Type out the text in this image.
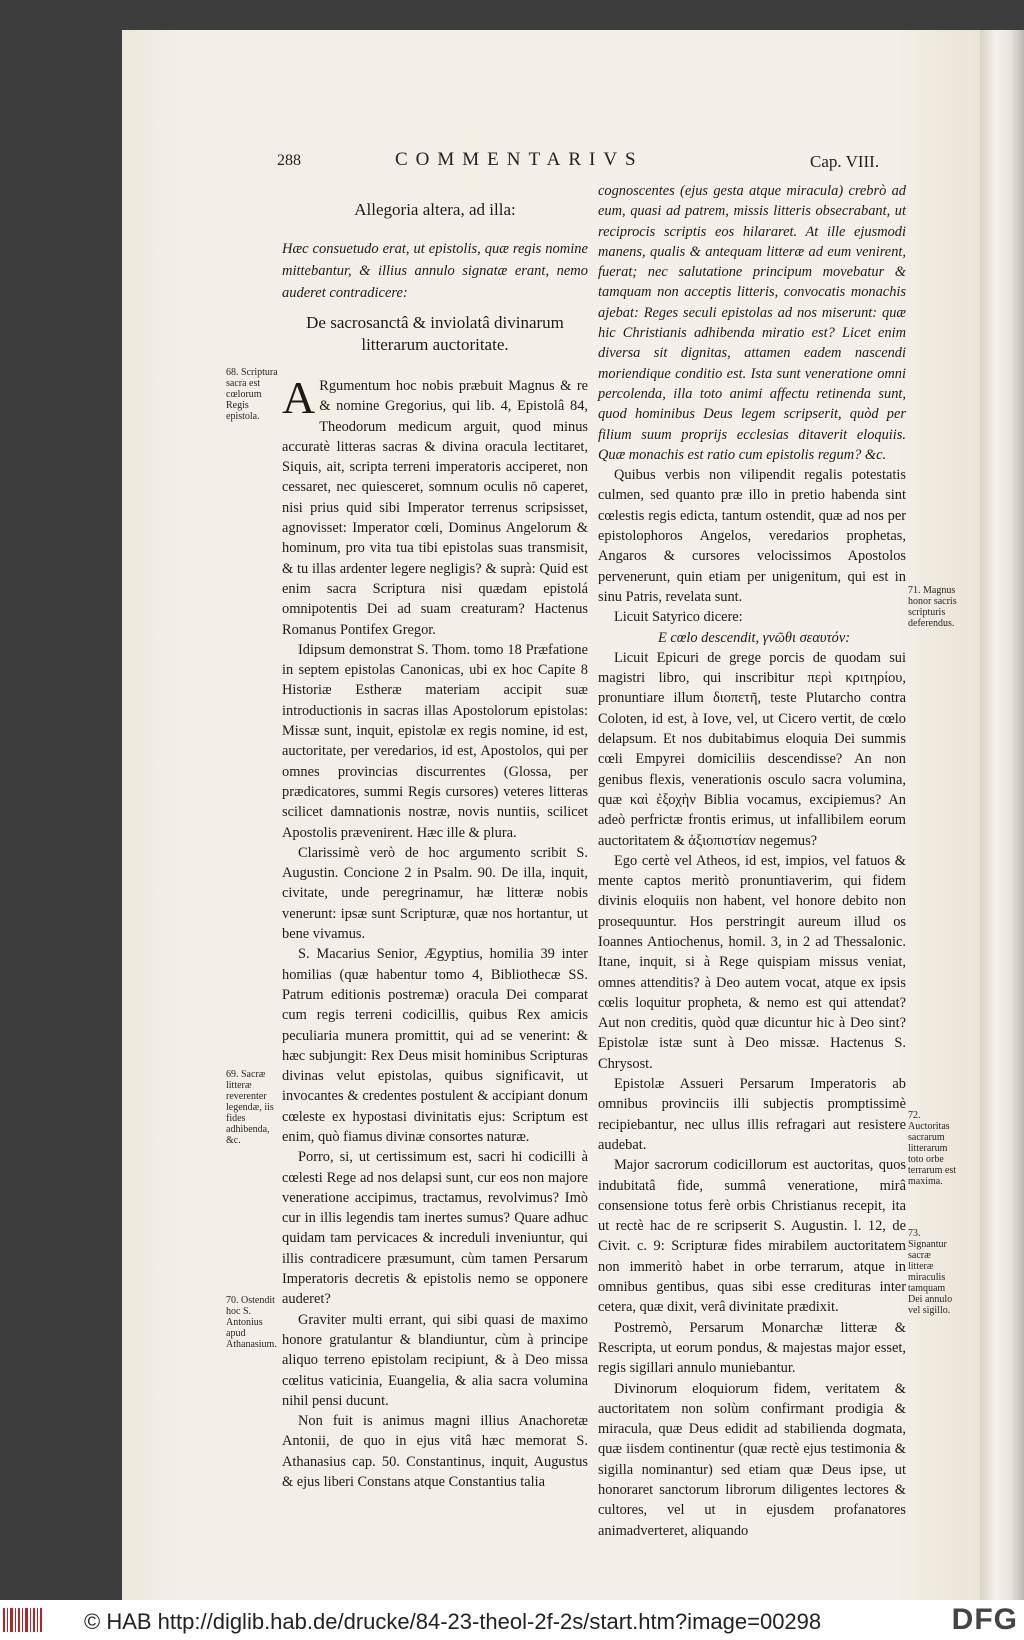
288	COMMENTARIVS	Cap. VIII.
Allegoria altera, ad illa:
Hæc consuetudo erat, ut epistolis, quæ regis nomine mittebantur, & illius annulo signatæ erant, nemo auderet contradicere:
De sacrosanctâ & inviolatâ divinarum litterarum auctoritate.

A Rgumentum hoc nobis præbuit Magnus & re & nomine Gregorius, qui lib. 4, Epistolâ 84, Theodorum medicum arguit, quod minus accuratè litteras sacras & divina oracula lectitaret, Siquis, ait, scripta terreni imperatoris acciperet, non cessaret, nec quiesceret, somnum oculis nō caperet, nisi prius quid sibi Imperator terrenus scripsisset, agnovisset: Imperator cœli, Dominus Angelorum & hominum, pro vita tua tibi epistolas suas transmisit, & tu illas ardenter legere negligis? & suprà: Quid est enim sacra Scriptura nisi quædam epistolá omnipotentis Dei ad suam creaturam? Hactenus Romanus Pontifex Gregor.

Idipsum demonstrat S. Thom. tomo 18 Præfatione in septem epistolas Canonicas, ubi ex hoc Capite 8 Historiæ Estheræ materiam accipit suæ introductionis in sacras illas Apostolorum epistolas: Missæ sunt, inquit, epistolæ ex regis nomine, id est, auctoritate, per veredarios, id est, Apostolos, qui per omnes provincias discurrentes (Glossa, per prædicatores, summi Regis cursores) veteres litteras scilicet damnationis nostræ, novis nuntiis, scilicet Apostolis prævenirent. Hæc ille & plura.

Clarissimè verò de hoc argumento scribit S. Augustin. Concione 2 in Psalm. 90. De illa, inquit, civitate, unde peregrinamur, hæ litteræ nobis venerunt: ipsæ sunt Scripturæ, quæ nos hortantur, ut bene vivamus.

S. Macarius Senior, Ægyptius, homilia 39 inter homilias (quæ habentur tomo 4, Bibliothecæ SS. Patrum editionis postremæ) oracula Dei comparat cum regis terreni codicillis, quibus Rex amicis peculiaria munera promittit, qui ad se venerint: & hæc subjungit: Rex Deus misit hominibus Scripturas divinas velut epistolas, quibus significavit, ut invocantes & credentes postulent & accipiant donum cœleste ex hypostasi divinitatis ejus: Scriptum est enim, quò fiamus divinæ consortes naturæ.

Porro, si, ut certissimum est, sacri hi codicilli à cœlesti Rege ad nos delapsi sunt, cur eos non majore veneratione accipimus, tractamus, revolvimus? Imò cur in illis legendis tam inertes sumus? Quare adhuc quidam tam pervicaces & increduli inveniuntur, qui illis contradicere præsumunt, cùm tamen Persarum Imperatoris decretis & epistolis nemo se opponere auderet?

Graviter multi errant, qui sibi quasi de maximo honore gratulantur & blandiuntur, cùm à principe aliquo terreno epistolam recipiunt, & à Deo missa cœlitus vaticinia, Euangelia, & alia sacra volumina nihil pensi ducunt.

Non fuit is animus magni illius Anachoretæ Antonii, de quo in ejus vitâ hæc memorat S. Athanasius cap. 50. Constantinus, inquit, Augustus & ejus liberi Constans atque Constantius talia

cognoscentes (ejus gesta atque miracula) crebrò ad eum, quasi ad patrem, missis litteris obsecrabant, ut reciprocis scriptis eos hilararet. At ille ejusmodi manens, qualis & antequam litteræ ad eum venirent, fuerat; nec salutatione principum movebatur & tamquam non acceptis litteris, convocatis monachis ajebat: Reges seculi epistolas ad nos miserunt: quæ hic Christianis adhibenda miratio est? Licet enim diversa sit dignitas, attamen eadem nascendi moriendique conditio est. Ista sunt veneratione omni percolenda, illa toto animi affectu retinenda sunt, quod hominibus Deus legem scripserit, quòd per filium suum proprijs ecclesias ditaverit eloquiis. Quæ monachis est ratio cum epistolis regum? &c.

Quibus verbis non vilipendit regalis potestatis culmen, sed quanto præ illo in pretio habenda sint cœlestis regis edicta, tantum ostendit, quæ ad nos per epistolophoros Angelos, veredarios prophetas, Angaros & cursores velocissimos Apostolos pervenerunt, quin etiam per unigenitum, qui est in sinu Patris, revelata sunt.

Licuit Satyrico dicere:

E cœlo descendit, γνῶθι σεαυτόν:

Licuit Epicuri de grege porcis de quodam sui magistri libro, qui inscribitur περὶ κριτηρίου, pronuntiare illum διοπετῆ, teste Plutarcho contra Coloten, id est, à Iove, vel, ut Cicero vertit, de cœlo delapsum. Et nos dubitabimus eloquia Dei summis cœli Empyrei domiciliis descendisse? An non genibus flexis, venerationis osculo sacra volumina, quæ καὶ ἐξοχὴν Biblia vocamus, excipiemus? An adeò perfrictæ frontis erimus, ut infallibilem eorum auctoritatem & ἀξιοπιστίαν negemus?

Ego certè vel Atheos, id est, impios, vel fatuos & mente captos meritò pronuntiaverim, qui fidem divinis eloquiis non habent, vel honore debito non prosequuntur. Hos perstringit aureum illud os Ioannes Antiochenus, homil. 3, in 2 ad Thessalonic. Itane, inquit, si à Rege quispiam missus veniat, omnes attenditis? à Deo autem vocat, atque ex ipsis cœlis loquitur propheta, & nemo est qui attendat? Aut non creditis, quòd quæ dicuntur hic à Deo sint? Epistolæ istæ sunt à Deo missæ. Hactenus S. Chrysost.

Epistolæ Assueri Persarum Imperatoris ab omnibus provinciis illi subjectis promptissimè recipiebantur, nec ullus illis refragari aut resistere audebat.

Major sacrorum codicillorum est auctoritas, quos indubitatâ fide, summâ veneratione, mirâ consensione totus ferè orbis Christianus recepit, ita ut rectè hac de re scripserit S. Augustin. l. 12, de Civit. c. 9: Scripturæ fides mirabilem auctoritatem non immeritò habet in orbe terrarum, atque in omnibus gentibus, quas sibi esse credituras inter cetera, quæ dixit, verâ divinitate prædixit.

Postremò, Persarum Monarchæ litteræ & Rescripta, ut eorum pondus, & majestas major esset, regis sigillari annulo muniebantur.

Divinorum eloquiorum fidem, veritatem & auctoritatem non solùm confirmant prodigia & miracula, quæ Deus edidit ad stabilienda dogmata, quæ iisdem continentur (quæ rectè ejus testimonia & sigilla nominantur) sed etiam quæ Deus ipse, ut honoraret sanctorum librorum diligentes lectores & cultores, vel ut in ejusdem profanatores animadverteret, aliquando

68. Scriptura sacra est cœlorum Regis epistola.
69. Sacræ litteræ reverenter legendæ, iis fides adhibenda, &c.
70. Ostendit hoc S. Antonius apud Athanasium.
71. Magnus honor sacris scripturis deferendus.
72. Auctoritas sacrarum litterarum toto orbe terrarum est maxima.
73. Signantur sacræ litteræ miraculis tamquam Dei annulo vel sigillo.
© HAB http://diglib.hab.de/drucke/84-23-theol-2f-2s/start.htm?image=00298	DFG
